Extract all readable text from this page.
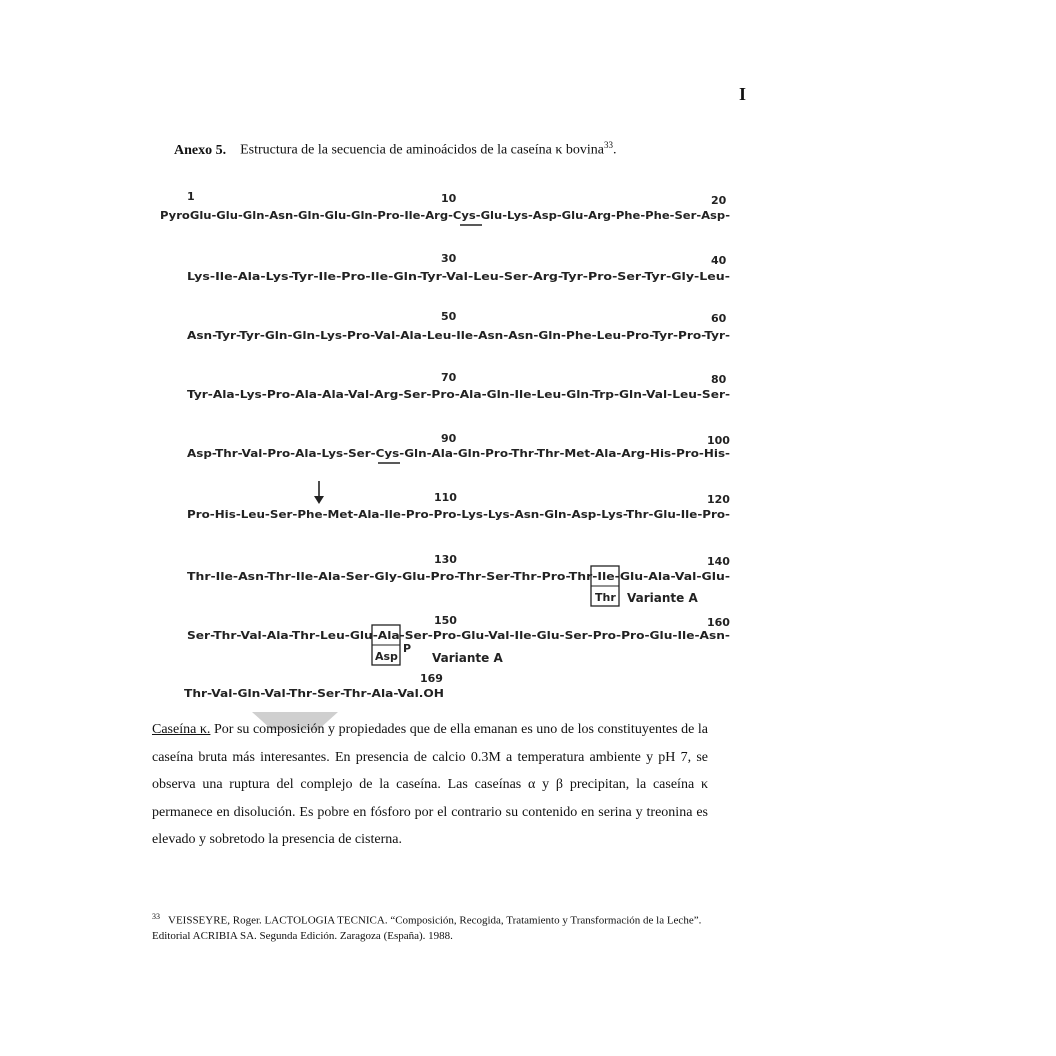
I
Anexo 5. Estructura de la secuencia de aminoácidos de la caseína κ bovina$^{33}$.
1	10	20
PyroGlu-Glu-Gln-Asn-Gln-Glu-Gln-Pro-Ile-Arg-Cys-Glu-Lys-Asp-Glu-Arg-Phe-Phe-Ser-Asp-
30	40
Lys-Ile-Ala-Lys-Tyr-Ile-Pro-Ile-Gln-Tyr-Val-Leu-Ser-Arg-Tyr-Pro-Ser-Tyr-Gly-Leu-
50	60
Asn-Tyr-Tyr-Gln-Gln-Lys-Pro-Val-Ala-Leu-Ile-Asn-Asn-Gln-Phe-Leu-Pro-Tyr-Pro-Tyr-
70	80
Tyr-Ala-Lys-Pro-Ala-Ala-Val-Arg-Ser-Pro-Ala-Gln-Ile-Leu-Gln-Trp-Gln-Val-Leu-Ser-
90	100
Asp-Thr-Val-Pro-Ala-Lys-Ser-Cys-Gln-Ala-Gln-Pro-Thr-Thr-Met-Ala-Arg-His-Pro-His-
110	120
Pro-His-Leu-Ser-Phe-Met-Ala-Ile-Pro-Pro-Lys-Lys-Asn-Gln-Asp-Lys-Thr-Glu-Ile-Pro-
130	140
Thr-Ile-Asn-Thr-Ile-Ala-Ser-Gly-Glu-Pro-Thr-Ser-Thr-Pro-Thr-Ile-Glu-Ala-Val-Glu-
Thr Variante A
150	160
Ser-Thr-Val-Ala-Thr-Leu-Glu-Ala-Ser-Pro-Glu-Val-Ile-Glu-Ser-Pro-Pro-Glu-Ile-Asn-
Asp
P
Variante A
169
Thr-Val-Gln-Val-Thr-Ser-Thr-Ala-Val.OH

Caseína κ. Por su composición y propiedades que de ella emanan es uno de los constituyentes de la caseína bruta más interesantes. En presencia de calcio 0.3M a temperatura ambiente y pH 7, se observa una ruptura del complejo de la caseína. Las caseínas α y β precipitan, la caseína κ permanece en disolución. Es pobre en fósforo por el contrario su contenido en serina y treonina es elevado y sobretodo la presencia de cisterna.

$^{33}$ VEISSEYRE, Roger. LACTOLOGIA TECNICA. “Composición, Recogida, Tratamiento y Transformación de la Leche”. Editorial ACRIBIA SA. Segunda Edición. Zaragoza (España). 1988.
